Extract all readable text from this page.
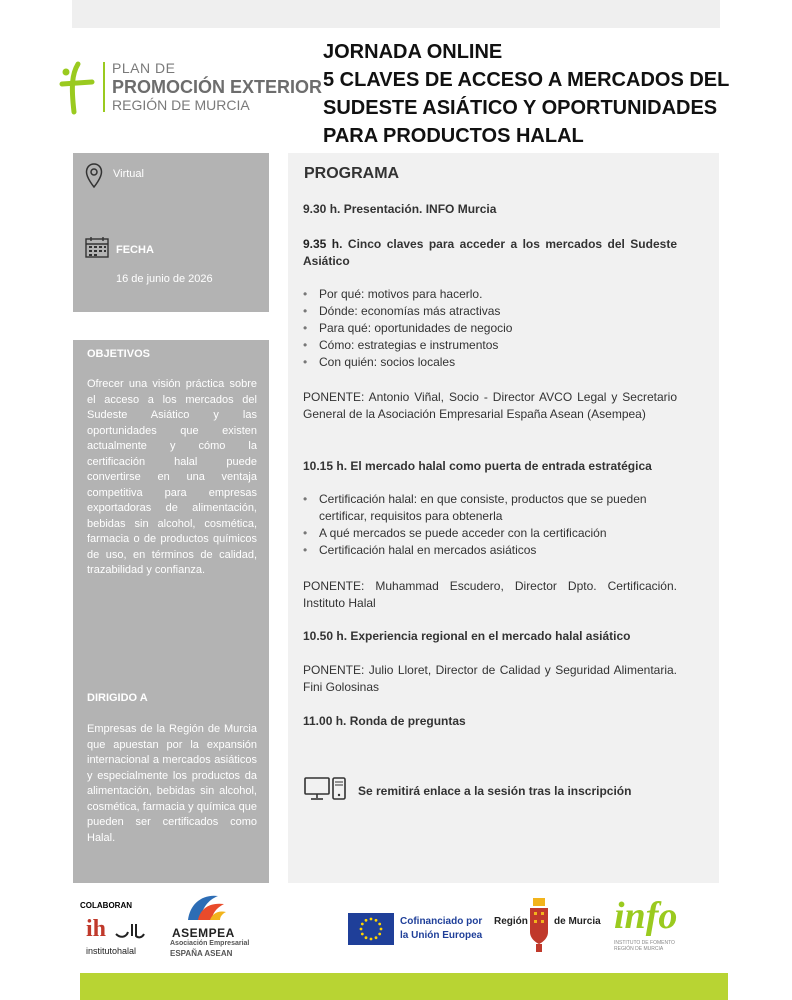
PLAN DE
PROMOCIÓN EXTERIOR
REGIÓN DE MURCIA
JORNADA ONLINE
5 CLAVES DE ACCESO A MERCADOS DEL
SUDESTE ASIÁTICO Y OPORTUNIDADES
PARA PRODUCTOS HALAL
Virtual
FECHA
16 de junio de 2026
OBJETIVOS
Ofrecer una visión práctica sobre el acceso a los mercados del Sudeste Asiático y las oportunidades que existen actualmente y cómo la certificación halal puede convertirse en una ventaja competitiva para empresas exportadoras de alimentación, bebidas sin alcohol, cosmética, farmacia o de productos químicos de uso, en términos de calidad, trazabilidad y confianza.
DIRIGIDO A
Empresas de la Región de Murcia que apuestan por la expansión internacional a mercados asiáticos y especialmente los productos da alimentación, bebidas sin alcohol, cosmética, farmacia y química que pueden ser certificados como Halal.
PROGRAMA
9.30 h. Presentación. INFO Murcia
9.35 h. Cinco claves para acceder a los mercados del Sudeste Asiático
• Por qué: motivos para hacerlo.
• Dónde: economías más atractivas
• Para qué: oportunidades de negocio
• Cómo: estrategias e instrumentos
• Con quién: socios locales
PONENTE: Antonio Viñal, Socio - Director AVCO Legal y Secretario General de la Asociación Empresarial España Asean (Asempea)
10.15 h. El mercado halal como puerta de entrada estratégica
• Certificación halal: en que consiste, productos que se pueden certificar, requisitos para obtenerla
• A qué mercados se puede acceder con la certificación
• Certificación halal en mercados asiáticos
PONENTE: Muhammad Escudero, Director Dpto. Certificación. Instituto Halal
10.50 h. Experiencia regional en el mercado halal asiático
PONENTE: Julio Lloret, Director de Calidad y Seguridad Alimentaria. Fini Golosinas
11.00 h. Ronda de preguntas
Se remitirá enlace a la sesión tras la inscripción
COLABORAN
ih
institutohalal
ASEMPEA
Asociación Empresarial
ESPAÑA ASEAN
Cofinanciado por
la Unión Europea
Región	de Murcia info
INSTITUTO DE FOMENTO
REGIÓN DE MURCIA
